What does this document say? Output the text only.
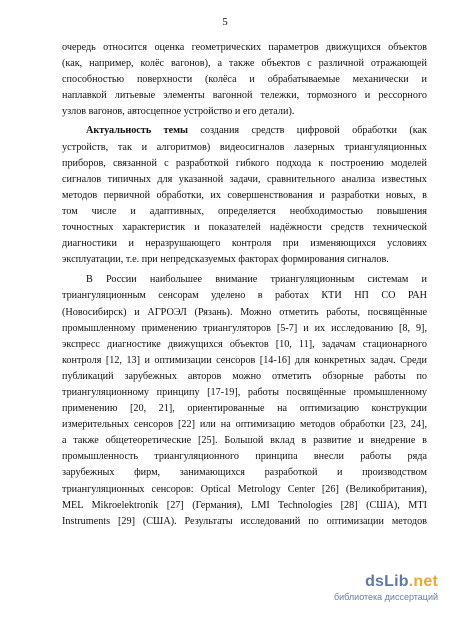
5
очередь относится оценка геометрических параметров движущихся объектов
(как, например, колёс вагонов), а также объектов с различной отражающей
способностью поверхности (колёса и обрабатываемые механически и
наплавкой литьевые элементы вагонной тележки, тормозного и рессорного
узлов вагонов, автосцепное устройство и его детали).
Актуальность темы создания средств цифровой обработки (как
устройств, так и алгоритмов) видеосигналов лазерных триангуляционных
приборов, связанной с разработкой гибкого подхода к построению моделей
сигналов типичных для указанной задачи, сравнительного анализа известных
методов первичной обработки, их совершенствования и разработки новых, в
том числе и адаптивных, определяется необходимостью повышения
точностных характеристик и показателей надёжности средств технической
диагностики и неразрушающего контроля при изменяющихся условиях
эксплуатации, т.е. при непредсказуемых факторах формирования сигналов.
В России наибольшее внимание триангуляционным системам и
триангуляционным сенсорам уделено в работах КТИ НП СО РАН
(Новосибирск) и АГРОЭЛ (Рязань). Можно отметить работы, посвящённые
промышленному применению триангуляторов [5-7] и их исследованию [8, 9],
экспресс диагностике движущихся объектов [10, 11], задачам стационарного
контроля [12, 13] и оптимизации сенсоров [14-16] для конкретных задач. Среди
публикаций зарубежных авторов можно отметить обзорные работы по
триангуляционному принципу [17-19], работы посвящённые промышленному
применению [20, 21], ориентированные на оптимизацию конструкции
измерительных сенсоров [22] или на оптимизацию методов обработки [23, 24],
а также общетеоретические [25]. Большой вклад в развитие и внедрение в
промышленность триангуляционного принципа внесли работы ряда
зарубежных фирм, занимающихся разработкой и производством
триангуляционных сенсоров: Optical Metrology Center [26] (Великобритания),
MEL Mikroelektronik [27] (Германия), LMI Technologies [28] (США), MTI
Instruments [29] (США). Результаты исследований по оптимизации методов
dsLib.net
библиотека диссертаций
